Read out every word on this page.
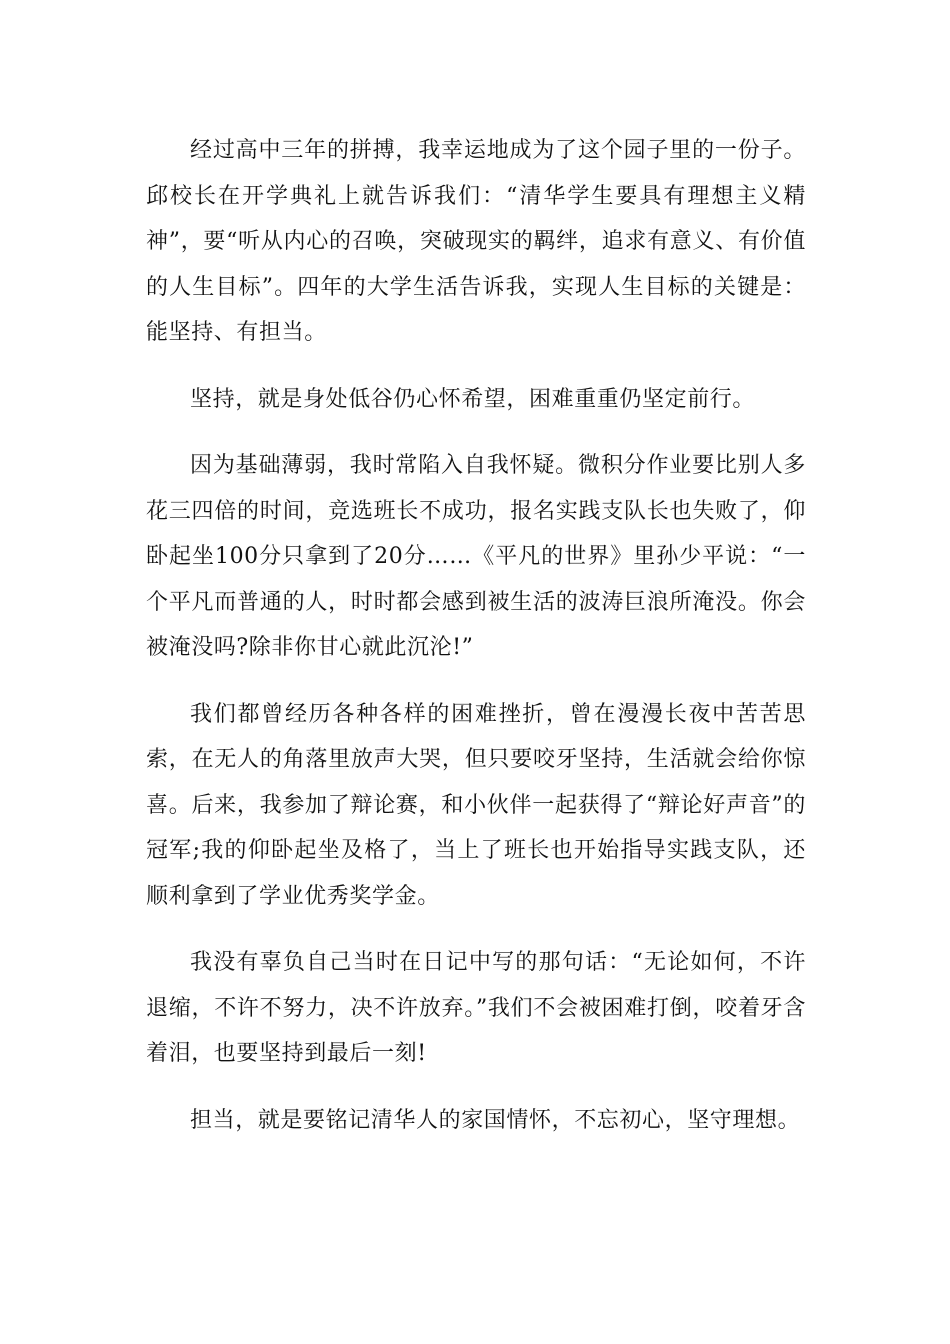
经过高中三年的拼搏，我幸运地成为了这个园子里的一份子。邱校长在开学典礼上就告诉我们：“清华学生要具有理想主义精神”，要“听从内心的召唤，突破现实的羁绊，追求有意义、有价值的人生目标”。四年的大学生活告诉我，实现人生目标的关键是：能坚持、有担当。

坚持，就是身处低谷仍心怀希望，困难重重仍坚定前行。

因为基础薄弱，我时常陷入自我怀疑。微积分作业要比别人多花三四倍的时间，竞选班长不成功，报名实践支队长也失败了，仰卧起坐100分只拿到了20分……《平凡的世界》里孙少平说：“一个平凡而普通的人，时时都会感到被生活的波涛巨浪所淹没。你会被淹没吗?除非你甘心就此沉沦!”

我们都曾经历各种各样的困难挫折，曾在漫漫长夜中苦苦思索，在无人的角落里放声大哭，但只要咬牙坚持，生活就会给你惊喜。后来，我参加了辩论赛，和小伙伴一起获得了“辩论好声音”的冠军;我的仰卧起坐及格了，当上了班长也开始指导实践支队，还顺利拿到了学业优秀奖学金。

我没有辜负自己当时在日记中写的那句话：“无论如何，不许退缩，不许不努力，决不许放弃。”我们不会被困难打倒，咬着牙含着泪，也要坚持到最后一刻!

担当，就是要铭记清华人的家国情怀，不忘初心，坚守理想。
